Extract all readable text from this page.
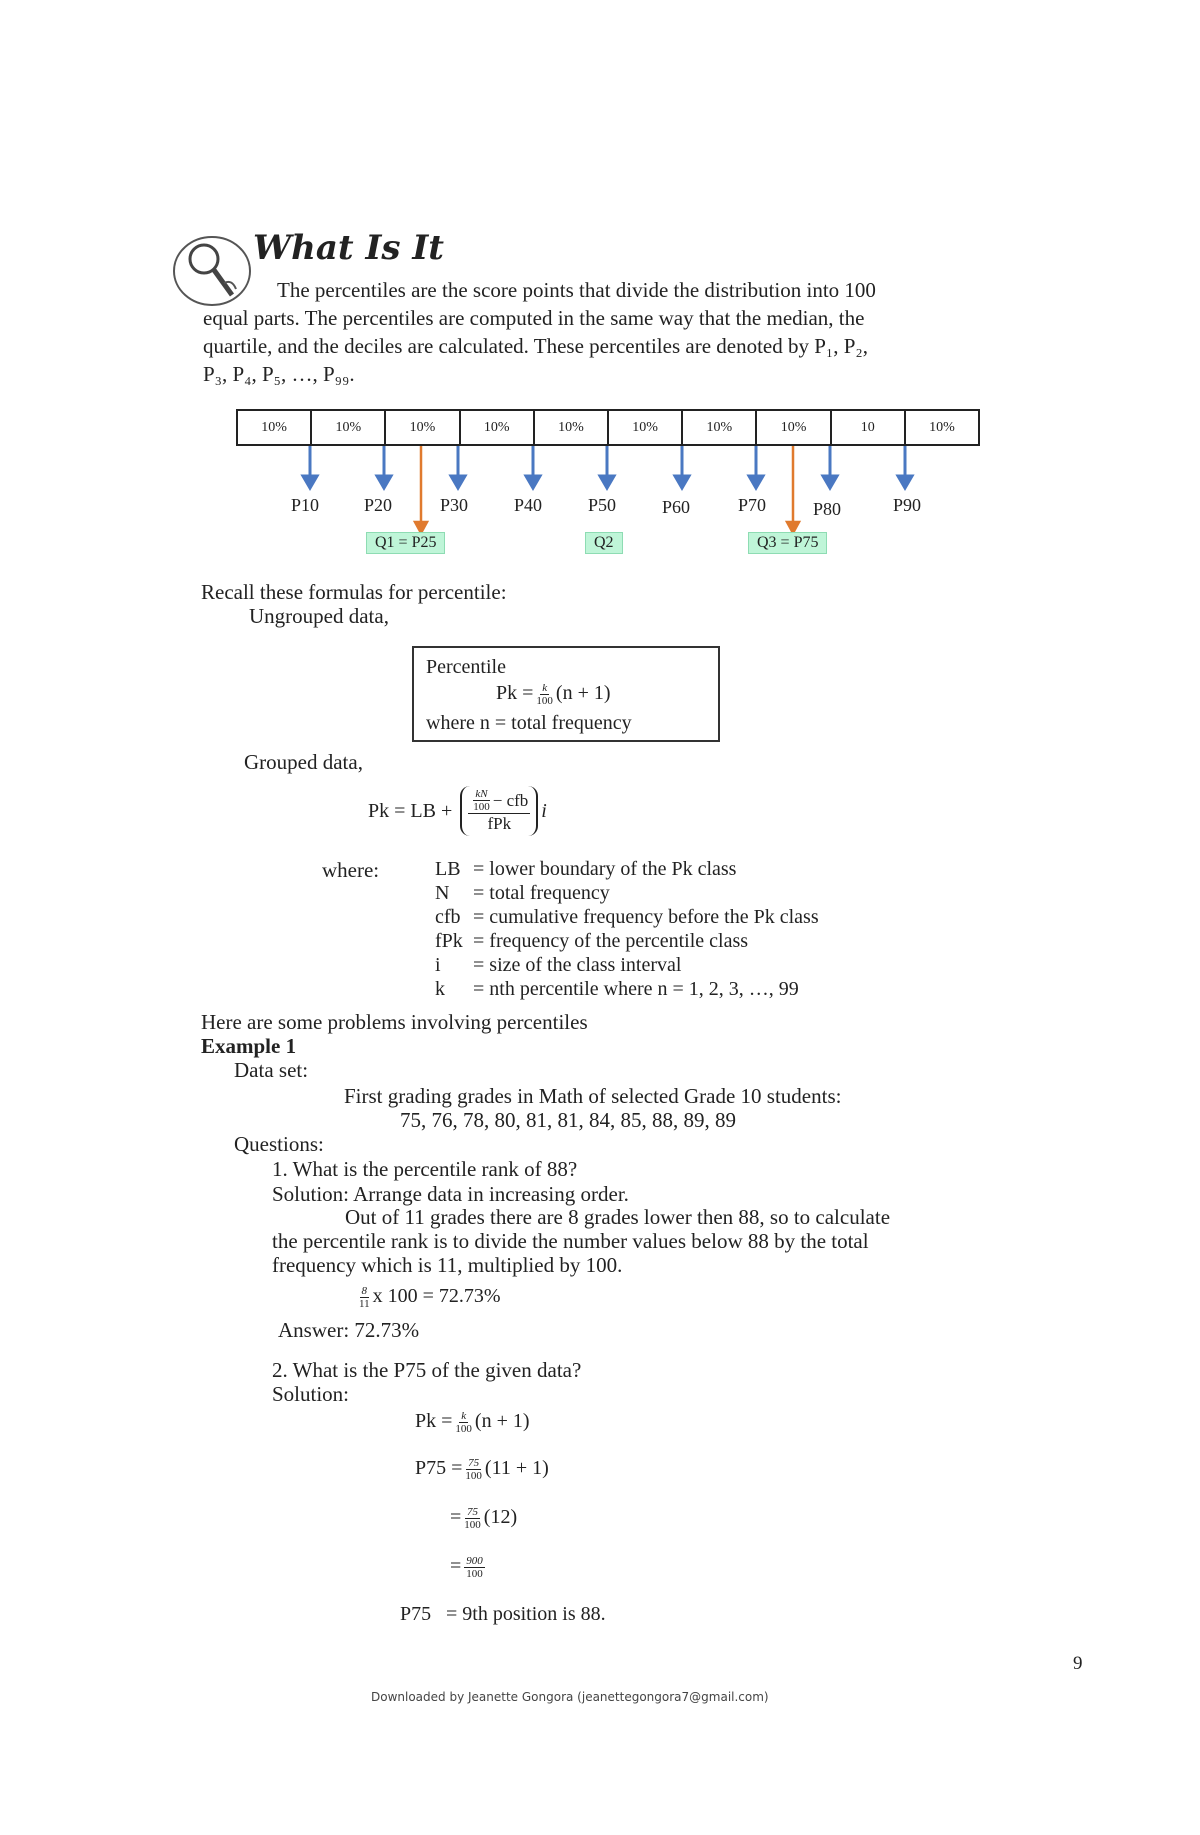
What Is It
The percentiles are the score points that divide the distribution into 100
equal parts. The percentiles are computed in the same way that the median, the
quartile, and the deciles are calculated. These percentiles are denoted by P₁, P₂,
P₃, P₄, P₅, …, P₉₉.
10%	10%	10%	10%	10%	10%	10%	10%	10	10%
P10 P20	P30	P40	P50	P60	P70	P80	P90
Q1 = P25	Q2	Q3 = P75
Recall these formulas for percentile:
Ungrouped data,
Percentile
$Pk = \frac{k}{100} (n + 1)$
where n = total frequency
Grouped data,
Pk = LB + $\frac{kN}{100}$ − cfb
fPk
i
where:	LB	= lower boundary of the Pk class
N	= total frequency
cfb	= cumulative frequency before the Pk class
fPk	= frequency of the percentile class
i	= size of the class interval
k	= nth percentile where n = 1, 2, 3, …, 99
Here are some problems involving percentiles
Example 1
Data set:
First grading grades in Math of selected Grade 10 students:
75, 76, 78, 80, 81, 81, 84, 85, 88, 89, 89
Questions:
1. What is the percentile rank of 88?
Solution: Arrange data in increasing order.
Out of 11 grades there are 8 grades lower then 88, so to calculate
the percentile rank is to divide the number values below 88 by the total
frequency which is 11, multiplied by 100.
$\frac{8}{11}$ x 100 = 72.73%
Answer: 72.73%
2. What is the P75 of the given data?
Solution:
$Pk = \frac{k}{100} (n + 1)$
$P75 = \frac{75}{100} (11 + 1)$
= $\frac{75}{100} (12)$
= $\frac{900}{100}$
P75 = 9th position is 88.
9
Downloaded by Jeanette Gongora (jeanettegongora7@gmail.com)
